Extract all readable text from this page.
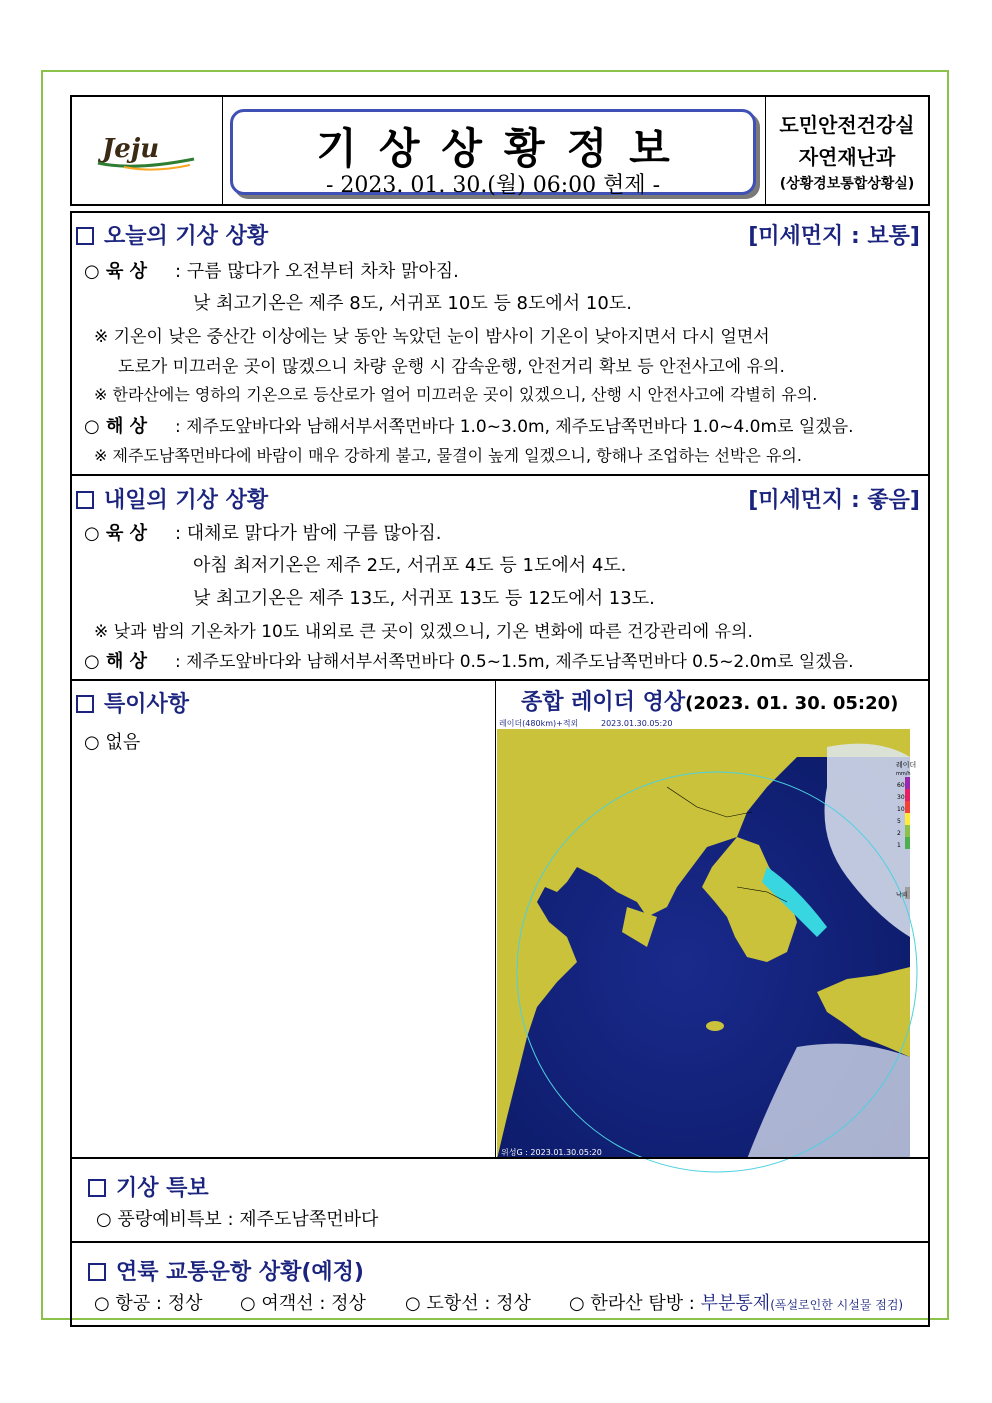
Jeju	기상상황정보
- 2023. 01. 30.(월) 06:00 현제 -
도민안전건강실
자연재난과
(상황경보통합상황실)
오늘의 기상 상황	[미세먼지 : 보통]
○ 육 상 : 구름 많다가 오전부터 차차 맑아짐.
낮 최고기온은 제주 8도, 서귀포 10도 등 8도에서 10도.
※ 기온이 낮은 중산간 이상에는 낮 동안 녹았던 눈이 밤사이 기온이 낮아지면서 다시 얼면서
도로가 미끄러운 곳이 많겠으니 차량 운행 시 감속운행, 안전거리 확보 등 안전사고에 유의.
※ 한라산에는 영하의 기온으로 등산로가 얼어 미끄러운 곳이 있겠으니, 산행 시 안전사고에 각별히 유의.
○ 해 상 : 제주도앞바다와 남해서부서쪽먼바다 1.0~3.0m, 제주도남쪽먼바다 1.0~4.0m로 일겠음.
※ 제주도남쪽먼바다에 바람이 매우 강하게 불고, 물결이 높게 일겠으니, 항해나 조업하는 선박은 유의.
내일의 기상 상황	[미세먼지 : 좋음]
○ 육 상 : 대체로 맑다가 밤에 구름 많아짐.
아침 최저기온은 제주 2도, 서귀포 4도 등 1도에서 4도.
낮 최고기온은 제주 13도, 서귀포 13도 등 12도에서 13도.
※ 낮과 밤의 기온차가 10도 내외로 큰 곳이 있겠으니, 기온 변화에 따른 건강관리에 유의.
○ 해 상 : 제주도앞바다와 남해서부서쪽먼바다 0.5~1.5m, 제주도남쪽먼바다 0.5~2.0m로 일겠음.
특이사항
○ 없음
종합 레이더 영상(2023. 01. 30. 05:20)
레이더(480km)+적외	2023.01.30.05:20
위성G : 2023.01.30.05:20
레이더
mm/h
60
30
10
5
2
1
낙뢰
기상 특보
○ 풍랑예비특보 : 제주도남쪽먼바다
연륙 교통운항 상황(예정)
○ 항공 : 정상 ○ 여객선 : 정상 ○ 도항선 : 정상 ○ 한라산 탐방 : 부분통제(폭설로인한 시설물 점검)
